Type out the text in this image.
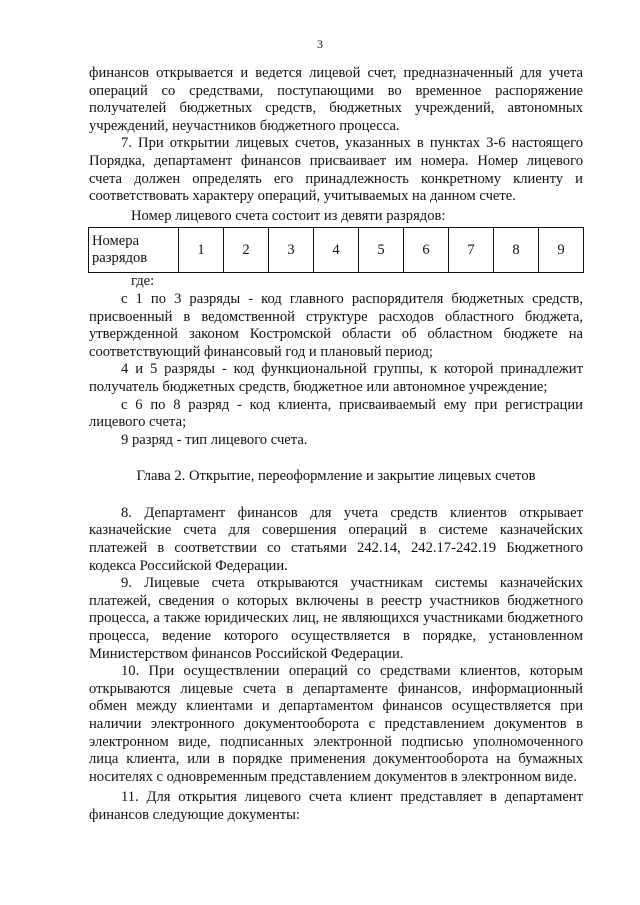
3

финансов открывается и ведется лицевой счет, предназначенный для учета операций со средствами, поступающими во временное распоряжение получателей бюджетных средств, бюджетных учреждений, автономных учреждений, неучастников бюджетного процесса.

7. При открытии лицевых счетов, указанных в пунктах 3-6 настоящего Порядка, департамент финансов присваивает им номера. Номер лицевого счета должен определять его принадлежность конкретному клиенту и соответствовать характеру операций, учитываемых на данном счете.

Номер лицевого счета состоит из девяти разрядов:

Номера разрядов	1	2	3	4	5	6	7	8	9

где:

с 1 по 3 разряды - код главного распорядителя бюджетных средств, присвоенный в ведомственной структуре расходов областного бюджета, утвержденной законом Костромской области об областном бюджете на соответствующий финансовый год и плановый период;

4 и 5 разряды - код функциональной группы, к которой принадлежит получатель бюджетных средств, бюджетное или автономное учреждение;

с 6 по 8 разряд - код клиента, присваиваемый ему при регистрации лицевого счета;

9 разряд - тип лицевого счета.

Глава 2. Открытие, переоформление и закрытие лицевых счетов

8. Департамент финансов для учета средств клиентов открывает казначейские счета для совершения операций в системе казначейских платежей в соответствии со статьями 242.14, 242.17-242.19 Бюджетного кодекса Российской Федерации.

9. Лицевые счета открываются участникам системы казначейских платежей, сведения о которых включены в реестр участников бюджетного процесса, а также юридических лиц, не являющихся участниками бюджетного процесса, ведение которого осуществляется в порядке, установленном Министерством финансов Российской Федерации.

10. При осуществлении операций со средствами клиентов, которым открываются лицевые счета в департаменте финансов, информационный обмен между клиентами и департаментом финансов осуществляется при наличии электронного документооборота с представлением документов в электронном виде, подписанных электронной подписью уполномоченного лица клиента, или в порядке применения документооборота на бумажных носителях с одновременным представлением документов в электронном виде.

11. Для открытия лицевого счета клиент представляет в департамент финансов следующие документы:
